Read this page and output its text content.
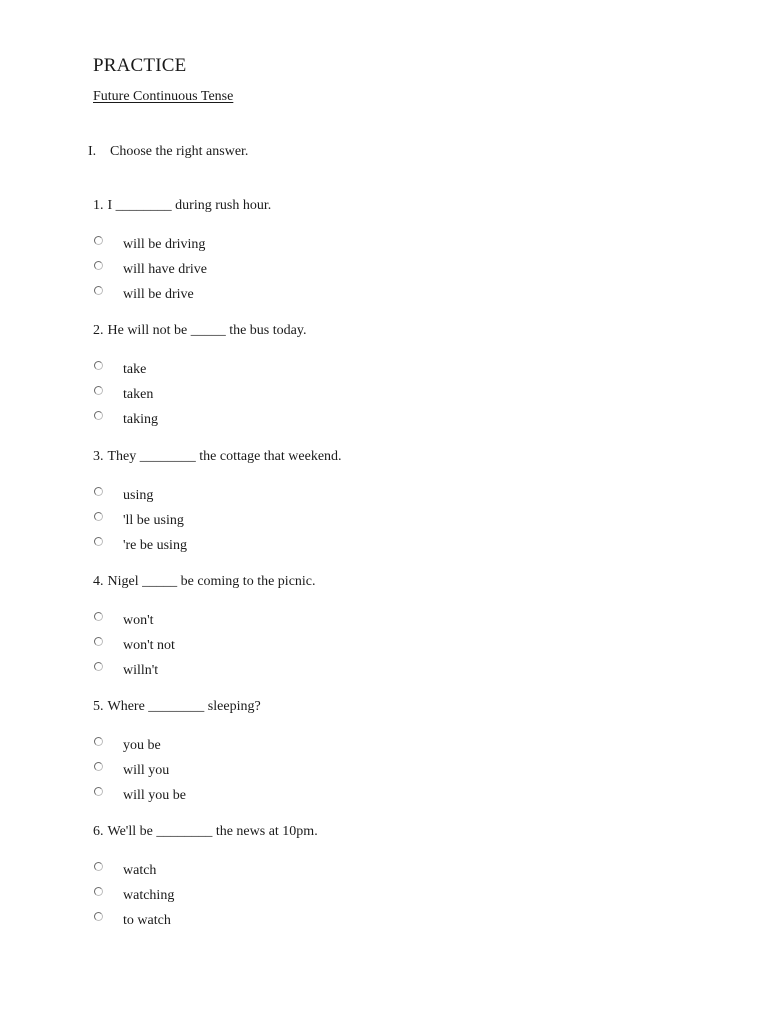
PRACTICE
Future Continuous Tense
I. Choose the right answer.
1. I ________ during rush hour.
will be driving
will have drive
will be drive
2. He will not be _____ the bus today.
take
taken
taking
3. They ________ the cottage that weekend.
using
'll be using
're be using
4. Nigel _____ be coming to the picnic.
won't
won't not
willn't
5. Where ________ sleeping?
you be
will you
will you be
6. We'll be ________ the news at 10pm.
watch
watching
to watch
